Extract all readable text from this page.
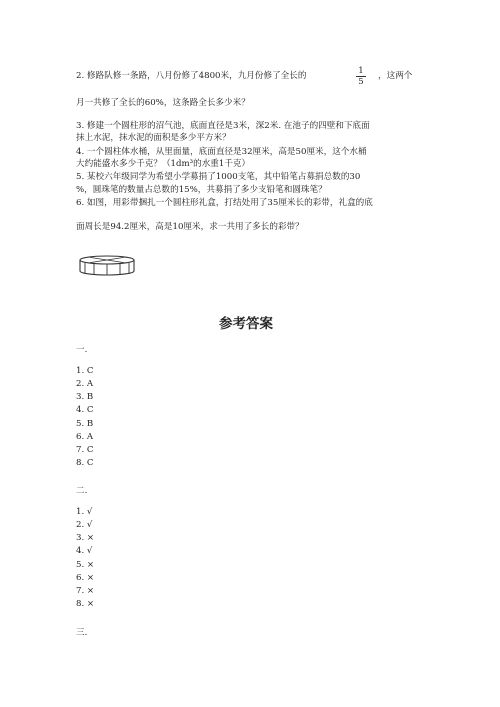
2. 修路队修一条路，八月份修了4800米，九月份修了全长的	1
5
，这两个
月一共修了全长的60%，这条路全长多少米？
3. 修建一个圆柱形的沼气池，底面直径是3米，深2米. 在池子的四壁和下底面
抹上水泥，抹水泥的面积是多少平方米？
4. 一个圆柱体水桶，从里面量，底面直径是32厘米，高是50厘米，这个水桶
大约能盛水多少千克？（1dm³的水重1千克）
5. 某校六年级同学为希望小学募捐了1000支笔，其中铅笔占募捐总数的30
%，圆珠笔的数量占总数的15%，共募捐了多少支铅笔和圆珠笔？
6. 如图，用彩带捆扎一个圆柱形礼盒，打结处用了35厘米长的彩带，礼盒的底
面周长是94.2厘米，高是10厘米，求一共用了多长的彩带？
参考答案
一.
1. C
2. A
3. B
4. C
5. B
6. A
7. C
8. C
二.
1. √
2. √
3. ×
4. √
5. ×
6. ×
7. ×
8. ×
三.
